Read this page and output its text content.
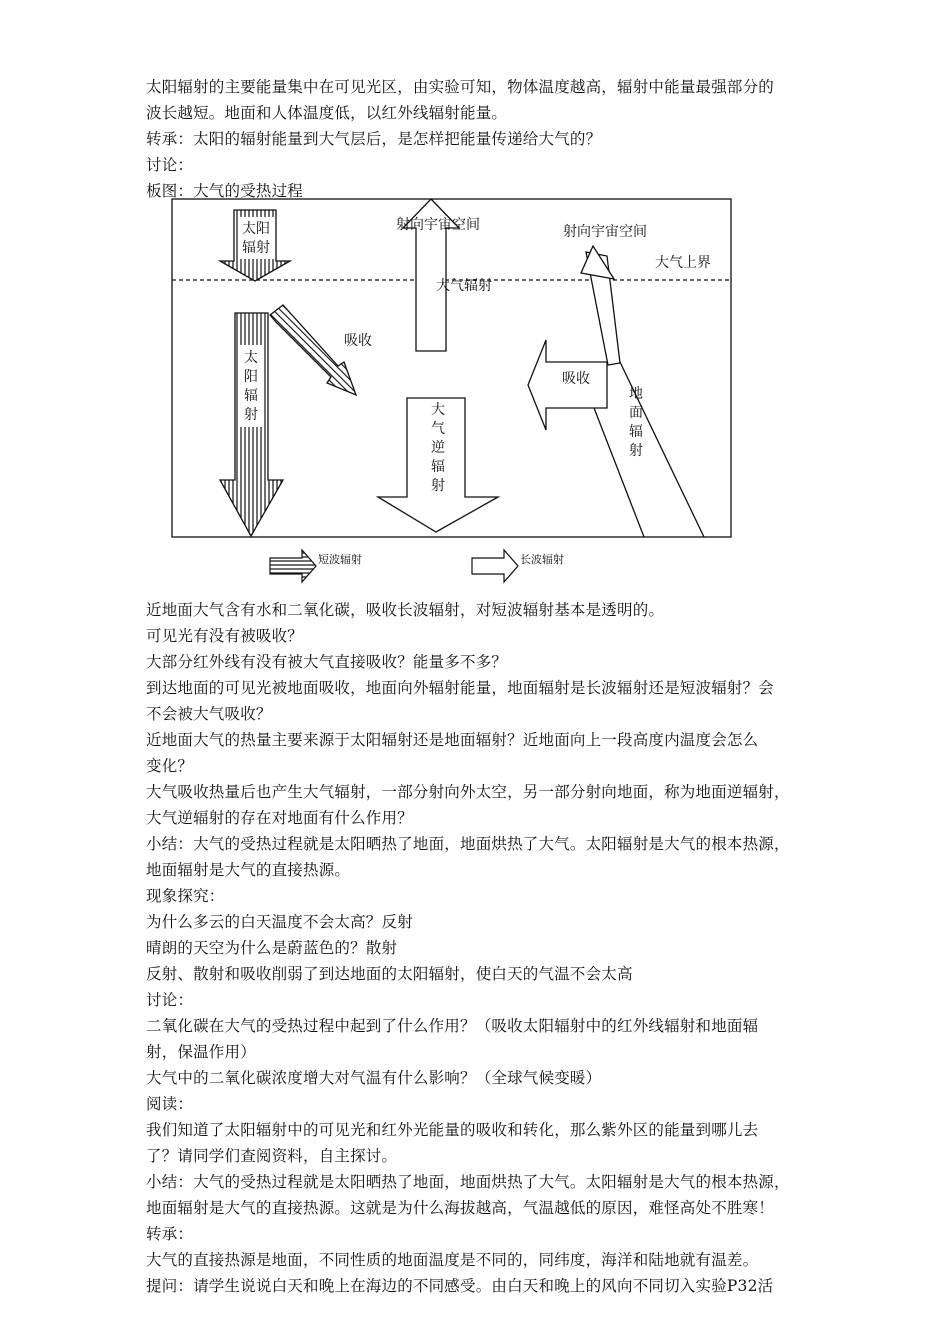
太阳辐射的主要能量集中在可见光区，由实验可知，物体温度越高，辐射中能量最强部分的

波长越短。地面和人体温度低，以红外线辐射能量。

转承：太阳的辐射能量到大气层后，是怎样把能量传递给大气的？

讨论：

板图：大气的受热过程

太阳
辐射
射向宇宙空间
大气辐射
射向宇宙空间
大气上界
吸收
地
面
辐
射
太
阳
辐
射
吸收
大
气
逆
辐
射
短波辐射	长波辐射

近地面大气含有水和二氧化碳，吸收长波辐射，对短波辐射基本是透明的。

可见光有没有被吸收？

大部分红外线有没有被大气直接吸收？能量多不多？

到达地面的可见光被地面吸收，地面向外辐射能量，地面辐射是长波辐射还是短波辐射？会

不会被大气吸收？

近地面大气的热量主要来源于太阳辐射还是地面辐射？近地面向上一段高度内温度会怎么

变化？

大气吸收热量后也产生大气辐射，一部分射向外太空，另一部分射向地面，称为地面逆辐射，

大气逆辐射的存在对地面有什么作用？

小结：大气的受热过程就是太阳晒热了地面，地面烘热了大气。太阳辐射是大气的根本热源，

地面辐射是大气的直接热源。

现象探究：

为什么多云的白天温度不会太高？反射

晴朗的天空为什么是蔚蓝色的？散射

反射、散射和吸收削弱了到达地面的太阳辐射，使白天的气温不会太高

讨论：

二氧化碳在大气的受热过程中起到了什么作用？（吸收太阳辐射中的红外线辐射和地面辐

射，保温作用）

大气中的二氧化碳浓度增大对气温有什么影响？（全球气候变暖）

阅读：

我们知道了太阳辐射中的可见光和红外光能量的吸收和转化，那么紫外区的能量到哪儿去

了？请同学们查阅资料，自主探讨。

小结：大气的受热过程就是太阳晒热了地面，地面烘热了大气。太阳辐射是大气的根本热源，

地面辐射是大气的直接热源。这就是为什么海拔越高，气温越低的原因，难怪高处不胜寒！

转承：

大气的直接热源是地面，不同性质的地面温度是不同的，同纬度，海洋和陆地就有温差。

提问：请学生说说白天和晚上在海边的不同感受。由白天和晚上的风向不同切入实验P32活
